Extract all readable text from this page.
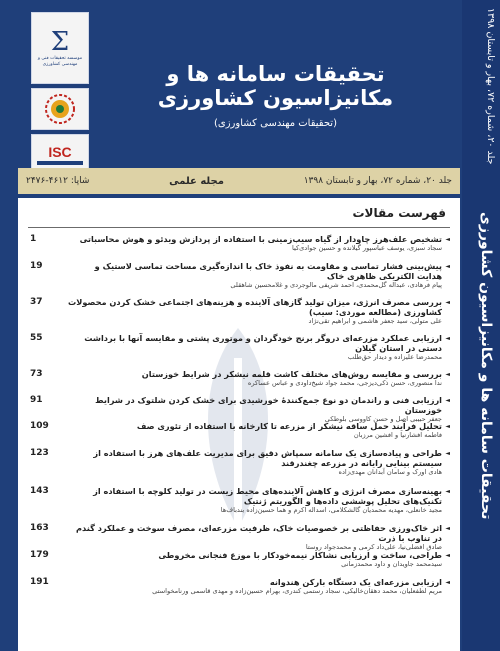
جلد ۲۰، شماره ۷۲، بهار و تابستان ۱۳۹۸
تحقیقات سامانه ها و مکانیزاسیون کشاورزی
Σ
موسسه تحقیقات فنی و مهندسی کشاورزی
ISC
تحقیقات سامانه ها و مکانیزاسیون کشاورزی
(تحقیقات مهندسی کشاورزی)
جلد ۲۰، شماره ۷۲، بهار و تابستان ۱۳۹۸
مجله علمی
شاپا: ۴۶۱۲-۲۴۷۶
فهرست مقالات
1	◄ تشخیص علف‌هرز چاودار از گیاه سیب‌زمینی با استفاده از پردازش ویدئو و هوش محاسباتی
سجاد سبزی، یوسف عباسپور گیلانده و حسین جوادی‌کیا
19	◄ پیش‌بینی فشار تماسی و مقاومت به نفوذ خاک با اندازه‌گیری مساحت تماسی لاستیک و هدایت الکتریکی ظاهری خاک
پیام فرهادی، عبداله گل‌محمدی، احمد شریفی مالوجردی و غلامحسین شاهقلی
37	◄ بررسی مصرف انرژی، میزان تولید گازهای آلاینده و هزینه‌های اجتماعی خشک کردن محصولات کشاورزی (مطالعه موردی: سیب)
علی متولی، سید جعفر هاشمی و ابراهیم تقی‌نژاد
55	◄ ارزیابی عملکرد مزرعه‌ای دروگر برنج خودگردان و موتوری پشتی و مقایسه آنها با برداشت دستی در استان گیلان
محمدرضا علیزاده و دیدار حق‌طلب
73	◄ بررسی و مقایسه روش‌های مختلف کاشت قلمه نیشکر در شرایط خوزستان
ندا منصوری، حسن ذکی‌دیزجی، محمد جواد شیخ‌داودی و عباس عساکره
91	◄ ارزیابی فنی و راندمان دو نوع جمع‌کنندهٔ خورشیدی برای خشک کردن شلتوک در شرایط خوزستان
جعفر حبیبی اصل و حسن کاووسی بلوطکی
109	◄ تحلیل فرآیند حمل ساقه نیشکر از مزرعه تا کارخانه با استفاده از تئوری صف
فاطمه افشارنیا و افشین مرزبان
123	◄ طراحی و پیاده‌سازی یک سامانه سمپاش دقیق برای مدیریت علف‌های هرز با استفاده از سیستم بینایی رایانه در مزرعه چغندرقند
هادی اورک و سامان آبدانان مهدی‌زاده
143	◄ بهینه‌سازی مصرف انرژی و کاهش آلاینده‌های محیط زیست در تولید کلوچه با استفاده از تکنیک‌های تحلیل پوششی داده‌ها و الگوریتم ژنتیک
مجید خانعلی، مهدیه محمدیان گالشکلامی، اسداله اکرم و هما حسین‌زاده بندباف‌ها
163	◄ اثر خاک‌ورزی حفاظتی بر خصوصیات خاک، ظرفیت مزرعه‌ای، مصرف سوخت و عملکرد گندم در تناوب با ذرت
صادق افضلی‌نیا، علی‌داد کرمی و محمدجواد روستا
179	◄ طراحی، ساخت و ارزیابی نشاکار نیمه‌خودکار با موزع فنجانی مخروطی
سیدمحمد جاویدان و داود محمدزمانی
191	◄ ارزیابی مزرعه‌ای یک دستگاه بارکن هندوانه
مریم لطفعلیان، محمد دهقان‌خالیکی، سجاد رستمی کندری، بهرام حسین‌زاده و مهدی قاسمی ورنامخواستی
